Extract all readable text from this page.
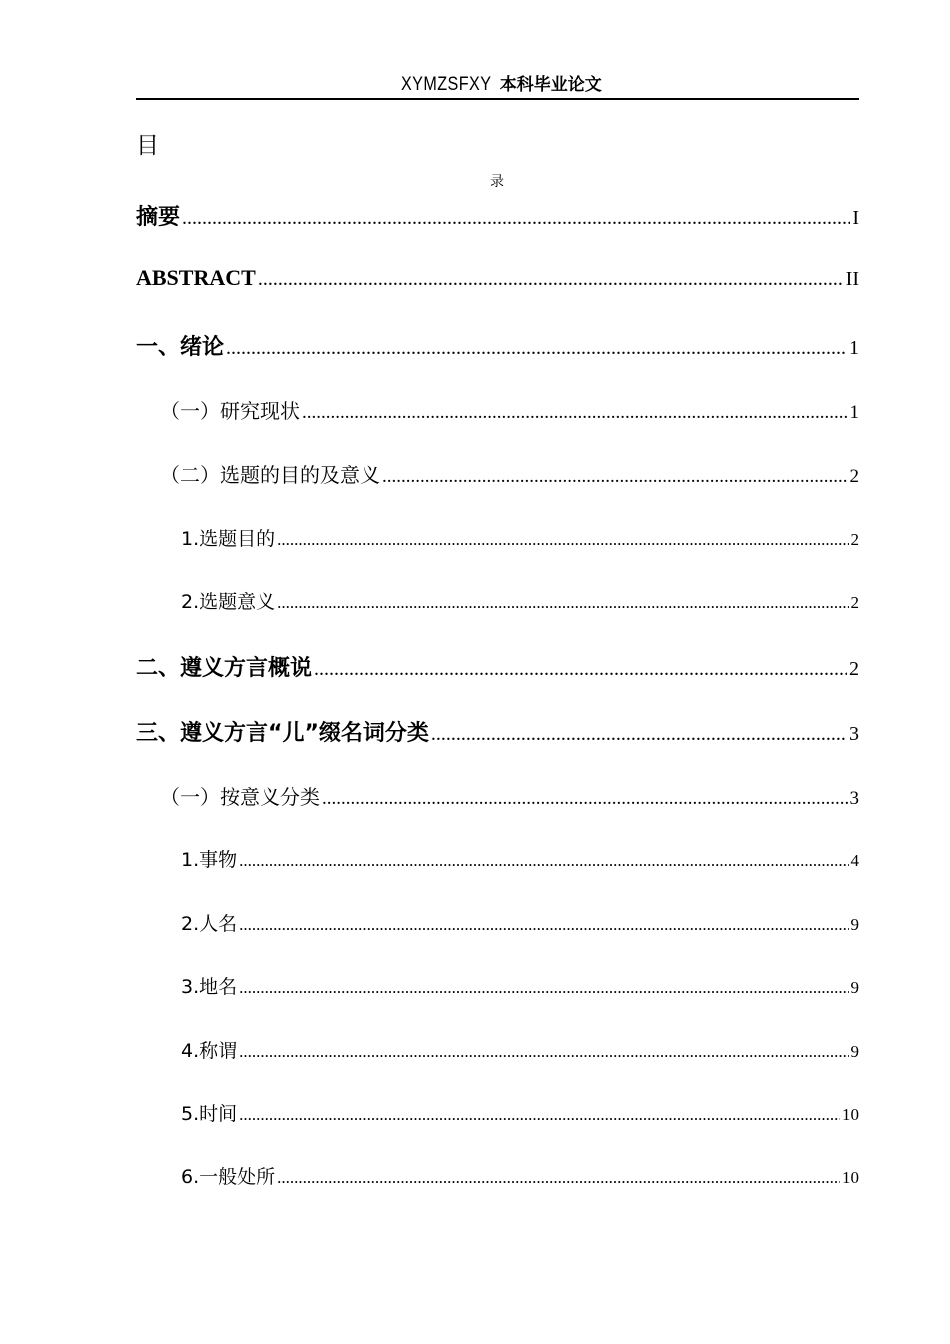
XYMZSFXY 本科毕业论文
目
录
摘要 .....	I
ABSTRACT .....	II
一、绪论 .....	1
（一）研究现状 .....	1
（二）选题的目的及意义 .....	2
1.选题目的 .....	2
2.选题意义 .....	2
二、遵义方言概说 .....	2
三、遵义方言“儿”缀名词分类 .....	3
（一）按意义分类 .....	3
1.事物 .....	4
2.人名 .....	9
3.地名 .....	9
4.称谓 .....	9
5.时间 .....	10
6.一般处所 .....	10
